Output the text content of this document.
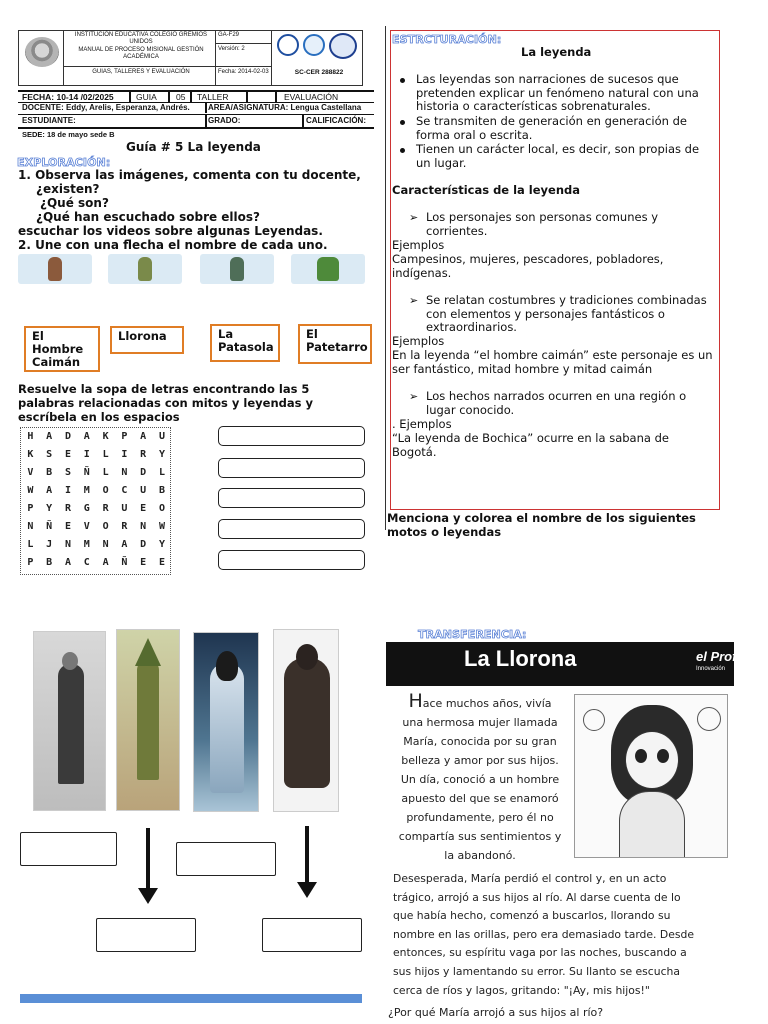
INSTITUCIÓN EDUCATIVA COLEGIO GREMIOS UNIDOS
MANUAL DE PROCESO MISIONAL GESTIÓN ACADÉMICA
GUIAS, TALLERES Y EVALUACIÓN
GA-F29
Versión: 2
Fecha: 2014-02-03	SC-CER 288822
FECHA: 10-14 /02/2025	GUIA 05 TALLER	EVALUACIÓN
DOCENTE: Eddy, Arelis, Esperanza, Andrés. AREA/ASIGNATURA: Lengua Castellana
ESTUDIANTE:	GRADO:	CALIFICACIÓN:
SEDE: 18 de mayo sede B
Guía # 5 La leyenda
EXPLORACIÓN:
1. Observa las imágenes, comenta con tu docente,
¿existen?
¿Qué son?
¿Qué han escuchado sobre ellos?
escuchar los videos sobre algunas Leyendas.
2. Une con una flecha el nombre de cada uno.
El Hombre Caimán
Llorona	La Patasola
El Patetarro
Resuelve la sopa de letras encontrando las 5 palabras relacionadas con mitos y leyendas y escríbela en los espacios
H	A	D	A	K	P	A	U
K	S	E	I	L	I	R	Y
V	B	S	Ñ	L	N	D	L
W	A	I	M	O	C	U	B
P	Y	R	G	R	U	E	O
N	Ñ	E	V	O	R	N	W
L	J	N	M	N	A	D	Y
P	B	A	C	A	Ñ	E	E
ESTRCTURACIÓN:
La leyenda
Las leyendas son narraciones de sucesos que pretenden explicar un fenómeno natural con una historia o características sobrenaturales.
Se transmiten de generación en generación de forma oral o escrita.
Tienen un carácter local, es decir, son propias de un lugar.
Características de la leyenda
➢ Los personajes son personas comunes y corrientes.
Ejemplos
Campesinos, mujeres, pescadores, pobladores, indígenas.
➢ Se relatan costumbres y tradiciones combinadas con elementos y personajes fantásticos o extraordinarios.
Ejemplos
En la leyenda “el hombre caimán” este personaje es un ser fantástico, mitad hombre y mitad caimán
➢ Los hechos narrados ocurren en una región o lugar conocido.
. Ejemplos
“La leyenda de Bochica” ocurre en la sabana de Bogotá.
Menciona y colorea el nombre de los siguientes motos o leyendas
TRANSFERENCIA:
La Llorona	el Profe
Innovación
Hace muchos años, vivía
una hermosa mujer llamada
María, conocida por su gran
belleza y amor por sus hijos.
Un día, conoció a un hombre
apuesto del que se enamoró
profundamente, pero él no
compartía sus sentimientos y
la abandonó.
Desesperada, María perdió el control y, en un acto
trágico, arrojó a sus hijos al río. Al darse cuenta de lo
que había hecho, comenzó a buscarlos, llorando su
nombre en las orillas, pero era demasiado tarde. Desde
entonces, su espíritu vaga por las noches, buscando a
sus hijos y lamentando su error. Su llanto se escucha
cerca de ríos y lagos, gritando: "¡Ay, mis hijos!"
¿Por qué María arrojó a sus hijos al río?
